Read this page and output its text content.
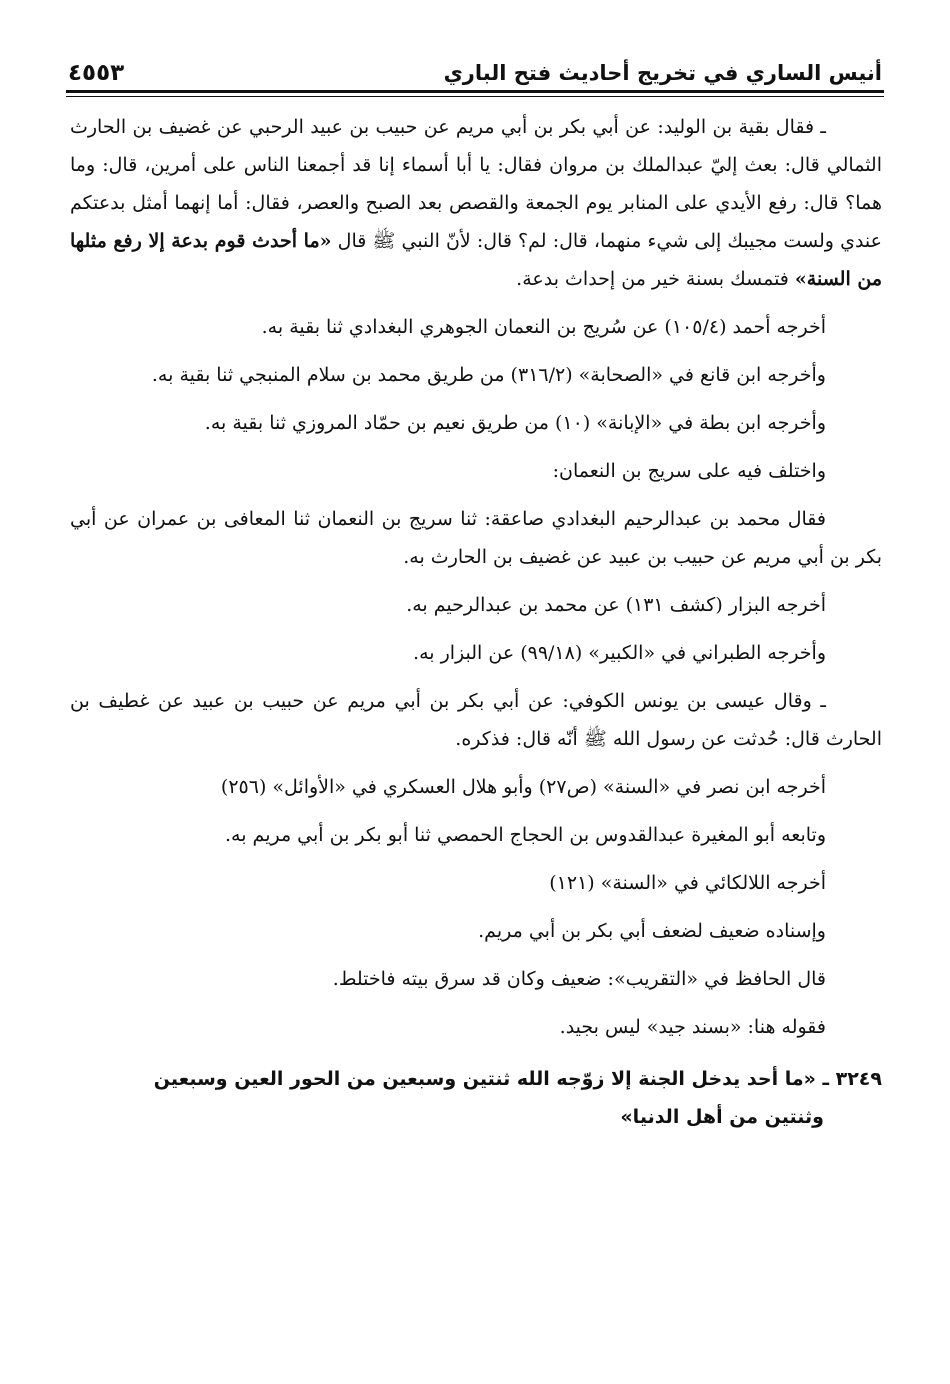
أنيس الساري في تخريج أحاديث فتح الباري
٤٥٥٣

ـ فقال بقية بن الوليد: عن أبي بكر بن أبي مريم عن حبيب بن عبيد الرحبي عن غضيف بن الحارث الثمالي قال: بعث إليّ عبدالملك بن مروان فقال: يا أبا أسماء إنا قد أجمعنا الناس على أمرين، قال: وما هما؟ قال: رفع الأيدي على المنابر يوم الجمعة والقصص بعد الصبح والعصر، فقال: أما إنهما أمثل بدعتكم عندي ولست مجيبك إلى شيء منهما، قال: لم؟ قال: لأنّ النبي ﷺ قال «ما أحدث قوم بدعة إلا رفع مثلها من السنة» فتمسك بسنة خير من إحداث بدعة.

أخرجه أحمد (١٠٥/٤) عن سُريج بن النعمان الجوهري البغدادي ثنا بقية به.

وأخرجه ابن قانع في «الصحابة» (٣١٦/٢) من طريق محمد بن سلام المنبجي ثنا بقية به.

وأخرجه ابن بطة في «الإبانة» (١٠) من طريق نعيم بن حمّاد المروزي ثنا بقية به.

واختلف فيه على سريج بن النعمان:

فقال محمد بن عبدالرحيم البغدادي صاعقة: ثنا سريج بن النعمان ثنا المعافى بن عمران عن أبي بكر بن أبي مريم عن حبيب بن عبيد عن غضيف بن الحارث به.

أخرجه البزار (كشف ١٣١) عن محمد بن عبدالرحيم به.

وأخرجه الطبراني في «الكبير» (٩٩/١٨) عن البزار به.

ـ وقال عيسى بن يونس الكوفي: عن أبي بكر بن أبي مريم عن حبيب بن عبيد عن غطيف بن الحارث قال: حُدثت عن رسول الله ﷺ أنّه قال: فذكره.

أخرجه ابن نصر في «السنة» (ص٢٧) وأبو هلال العسكري في «الأوائل» (٢٥٦)

وتابعه أبو المغيرة عبدالقدوس بن الحجاج الحمصي ثنا أبو بكر بن أبي مريم به.

أخرجه اللالكائي في «السنة» (١٢١)

وإسناده ضعيف لضعف أبي بكر بن أبي مريم.

قال الحافظ في «التقريب»: ضعيف وكان قد سرق بيته فاختلط.

فقوله هنا: «بسند جيد» ليس بجيد.

٣٢٤٩ ـ «ما أحد يدخل الجنة إلا زوّجه الله ثنتين وسبعين من الحور العين وسبعين
وثنتين من أهل الدنيا»
